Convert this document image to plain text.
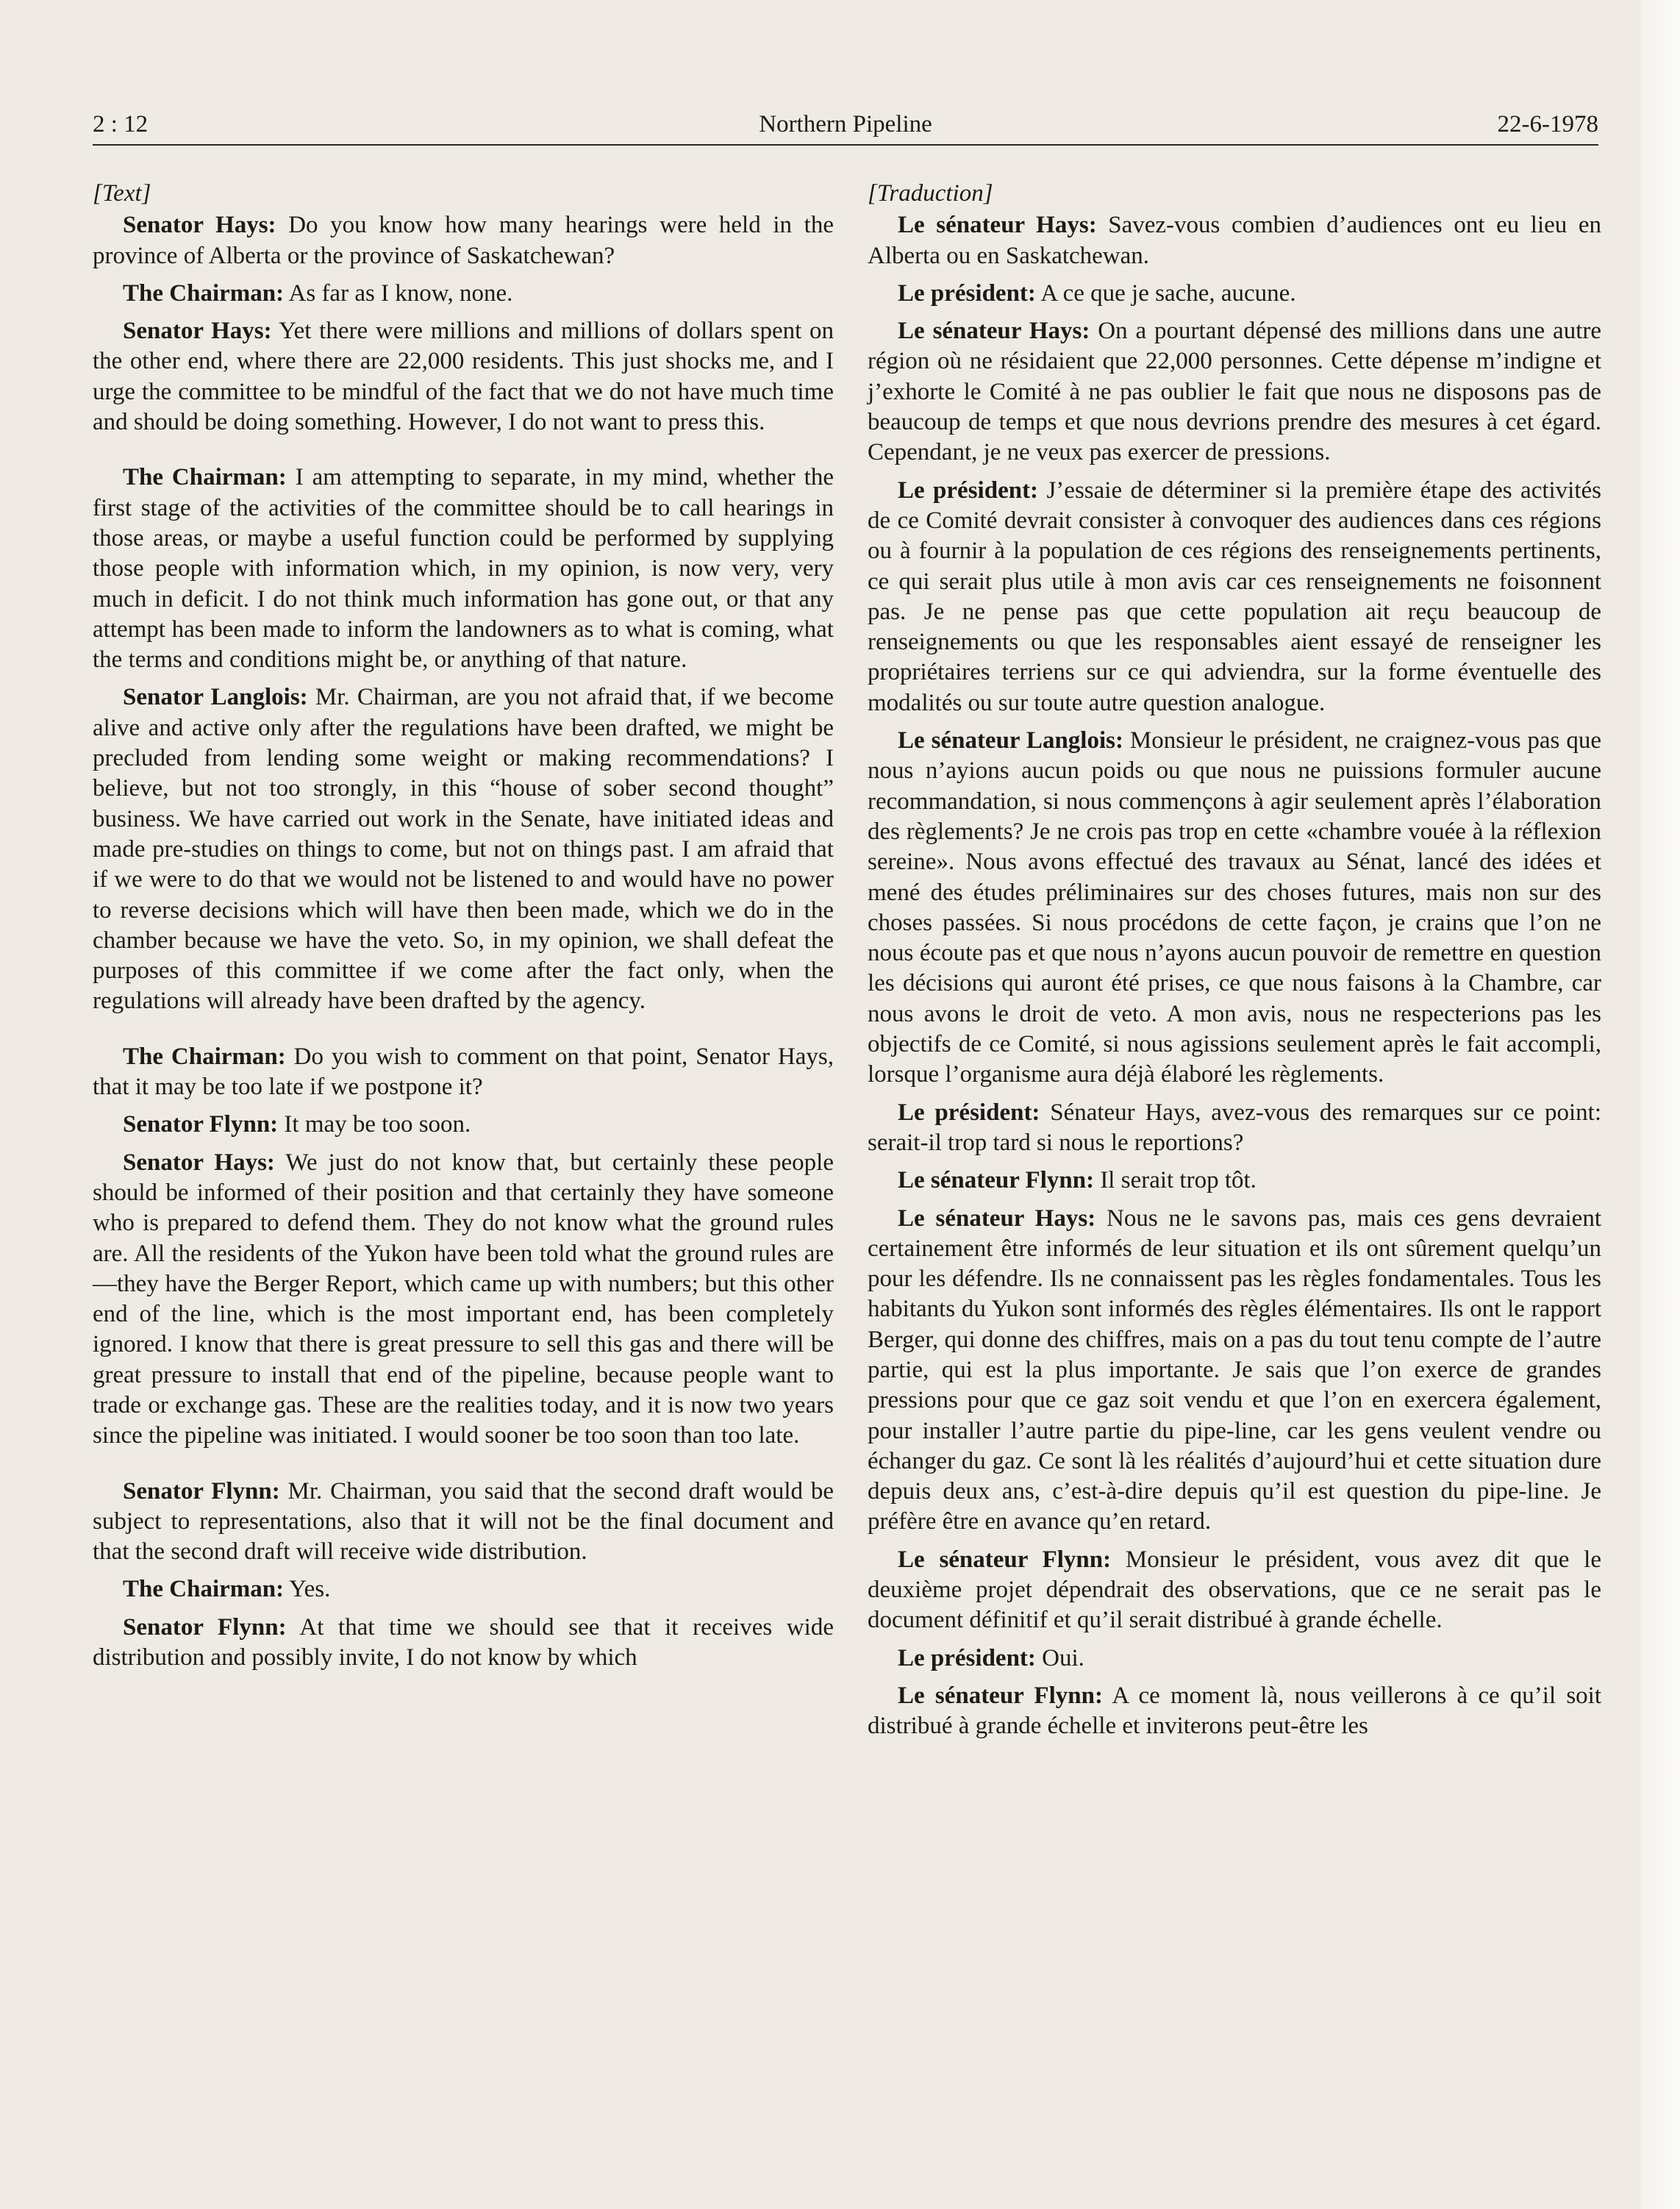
2 : 12	Northern Pipeline	22-6-1978
[Text]

Senator Hays: Do you know how many hearings were held in the province of Alberta or the province of Saskatchewan?

The Chairman: As far as I know, none.

Senator Hays: Yet there were millions and millions of dollars spent on the other end, where there are 22,000 residents. This just shocks me, and I urge the committee to be mindful of the fact that we do not have much time and should be doing something. However, I do not want to press this.

The Chairman: I am attempting to separate, in my mind, whether the first stage of the activities of the committee should be to call hearings in those areas, or maybe a useful function could be performed by supplying those people with information which, in my opinion, is now very, very much in deficit. I do not think much information has gone out, or that any attempt has been made to inform the landowners as to what is coming, what the terms and conditions might be, or anything of that nature.

Senator Langlois: Mr. Chairman, are you not afraid that, if we become alive and active only after the regulations have been drafted, we might be precluded from lending some weight or making recommendations? I believe, but not too strongly, in this “house of sober second thought” business. We have carried out work in the Senate, have initiated ideas and made pre-studies on things to come, but not on things past. I am afraid that if we were to do that we would not be listened to and would have no power to reverse decisions which will have then been made, which we do in the chamber because we have the veto. So, in my opinion, we shall defeat the purposes of this committee if we come after the fact only, when the regulations will already have been drafted by the agency.

The Chairman: Do you wish to comment on that point, Senator Hays, that it may be too late if we postpone it?

Senator Flynn: It may be too soon.

Senator Hays: We just do not know that, but certainly these people should be informed of their position and that certainly they have someone who is prepared to defend them. They do not know what the ground rules are. All the residents of the Yukon have been told what the ground rules are—they have the Berger Report, which came up with numbers; but this other end of the line, which is the most important end, has been completely ignored. I know that there is great pressure to sell this gas and there will be great pressure to install that end of the pipeline, because people want to trade or exchange gas. These are the realities today, and it is now two years since the pipeline was initiated. I would sooner be too soon than too late.

Senator Flynn: Mr. Chairman, you said that the second draft would be subject to representations, also that it will not be the final document and that the second draft will receive wide distribution.

The Chairman: Yes.

Senator Flynn: At that time we should see that it receives wide distribution and possibly invite, I do not know by which

[Traduction]

Le sénateur Hays: Savez-vous combien d’audiences ont eu lieu en Alberta ou en Saskatchewan.

Le président: A ce que je sache, aucune.

Le sénateur Hays: On a pourtant dépensé des millions dans une autre région où ne résidaient que 22,000 personnes. Cette dépense m’indigne et j’exhorte le Comité à ne pas oublier le fait que nous ne disposons pas de beaucoup de temps et que nous devrions prendre des mesures à cet égard. Cependant, je ne veux pas exercer de pressions.

Le président: J’essaie de déterminer si la première étape des activités de ce Comité devrait consister à convoquer des audiences dans ces régions ou à fournir à la population de ces régions des renseignements pertinents, ce qui serait plus utile à mon avis car ces renseignements ne foisonnent pas. Je ne pense pas que cette population ait reçu beaucoup de renseignements ou que les responsables aient essayé de renseigner les propriétaires terriens sur ce qui adviendra, sur la forme éventuelle des modalités ou sur toute autre question analogue.

Le sénateur Langlois: Monsieur le président, ne craignez-vous pas que nous n’ayions aucun poids ou que nous ne puissions formuler aucune recommandation, si nous commençons à agir seulement après l’élaboration des règlements? Je ne crois pas trop en cette «chambre vouée à la réflexion sereine». Nous avons effectué des travaux au Sénat, lancé des idées et mené des études préliminaires sur des choses futures, mais non sur des choses passées. Si nous procédons de cette façon, je crains que l’on ne nous écoute pas et que nous n’ayons aucun pouvoir de remettre en question les décisions qui auront été prises, ce que nous faisons à la Chambre, car nous avons le droit de veto. A mon avis, nous ne respecterions pas les objectifs de ce Comité, si nous agissions seulement après le fait accompli, lorsque l’organisme aura déjà élaboré les règlements.

Le président: Sénateur Hays, avez-vous des remarques sur ce point: serait-il trop tard si nous le reportions?

Le sénateur Flynn: Il serait trop tôt.

Le sénateur Hays: Nous ne le savons pas, mais ces gens devraient certainement être informés de leur situation et ils ont sûrement quelqu’un pour les défendre. Ils ne connaissent pas les règles fondamentales. Tous les habitants du Yukon sont informés des règles élémentaires. Ils ont le rapport Berger, qui donne des chiffres, mais on a pas du tout tenu compte de l’autre partie, qui est la plus importante. Je sais que l’on exerce de grandes pressions pour que ce gaz soit vendu et que l’on en exercera également, pour installer l’autre partie du pipe-line, car les gens veulent vendre ou échanger du gaz. Ce sont là les réalités d’aujourd’hui et cette situation dure depuis deux ans, c’est-à-dire depuis qu’il est question du pipe-line. Je préfère être en avance qu’en retard.

Le sénateur Flynn: Monsieur le président, vous avez dit que le deuxième projet dépendrait des observations, que ce ne serait pas le document définitif et qu’il serait distribué à grande échelle.

Le président: Oui.

Le sénateur Flynn: A ce moment là, nous veillerons à ce qu’il soit distribué à grande échelle et inviterons peut-être les
